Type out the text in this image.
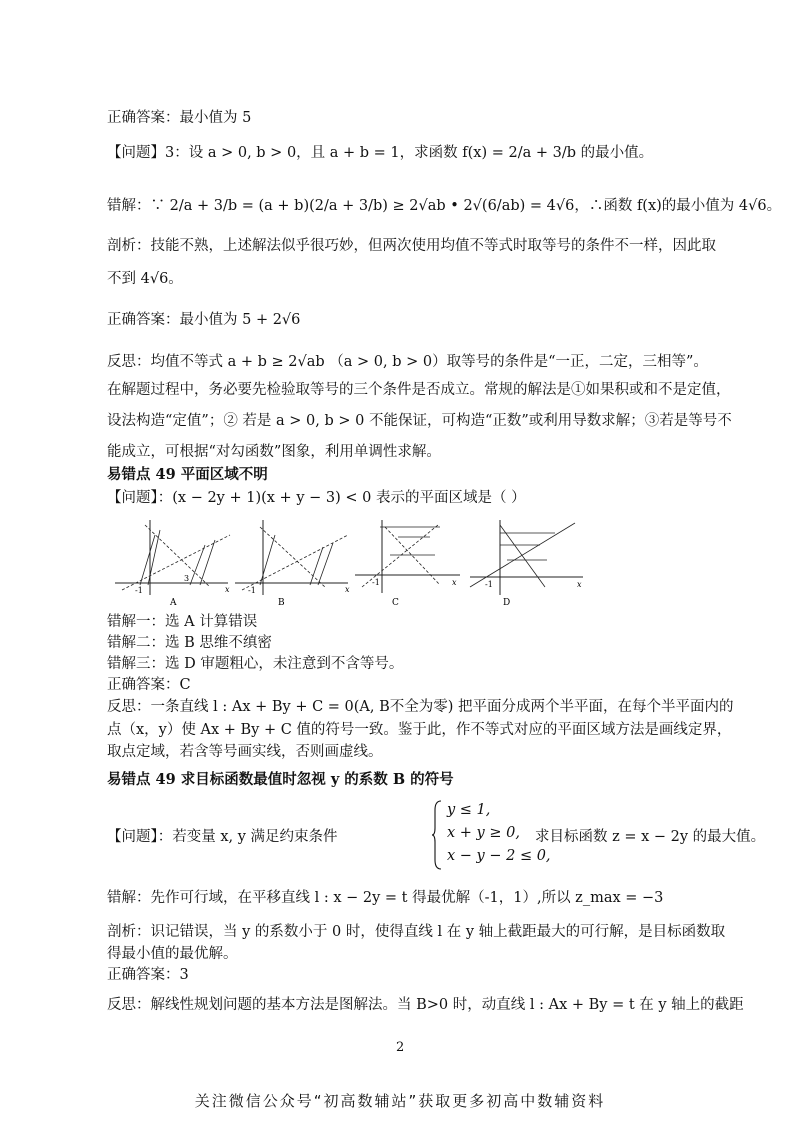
正确答案：最小值为 5
【问题】3：设 a > 0, b > 0，且 a + b = 1，求函数 f(x) = 2/a + 3/b 的最小值。
错解：∵ 2/a + 3/b = (a + b)(2/a + 3/b) ≥ 2√ab • 2√(6/ab) = 4√6，∴函数 f(x)的最小值为 4√6。
剖析：技能不熟，上述解法似乎很巧妙，但两次使用均值不等式时取等号的条件不一样，因此取
不到 4√6。
正确答案：最小值为 5 + 2√6
反思：均值不等式 a + b ≥ 2√ab （a > 0, b > 0）取等号的条件是“一正，二定，三相等”。
在解题过程中，务必要先检验取等号的三个条件是否成立。常规的解法是①如果积或和不是定值，
设法构造“定值”；② 若是 a > 0, b > 0 不能保证，可构造“正数”或利用导数求解；③若是等号不
能成立，可根据“对勾函数”图象，利用单调性求解。
易错点 49 平面区域不明
【问题】：(x − 2y + 1)(x + y − 3) < 0 表示的平面区域是（ ）
-1
3
x
A
-1	x
B
-1	x
C
-1	x
D
错解一：选 A 计算错误
错解二：选 B 思维不缜密
错解三：选 D 审题粗心，未注意到不含等号。
正确答案：C
反思：一条直线 l : Ax + By + C = 0(A, B不全为零) 把平面分成两个半平面，在每个半平面内的
点（x，y）使 Ax + By + C 值的符号一致。鉴于此，作不等式对应的平面区域方法是画线定界，
取点定域，若含等号画实线，否则画虚线。
易错点 49 求目标函数最值时忽视 y 的系数 B 的符号
【问题】：若变量 x, y 满足约束条件
y ≤ 1,
x + y ≥ 0,
x − y − 2 ≤ 0,
求目标函数 z = x − 2y 的最大值。
错解：先作可行域，在平移直线 l : x − 2y = t 得最优解（-1，1）,所以 z_max = −3
剖析：识记错误，当 y 的系数小于 0 时，使得直线 l 在 y 轴上截距最大的可行解，是目标函数取
得最小值的最优解。
正确答案：3
反思：解线性规划问题的基本方法是图解法。当 B>0 时，动直线 l : Ax + By = t 在 y 轴上的截距
2
关注微信公众号“初高数辅站”获取更多初高中数辅资料
